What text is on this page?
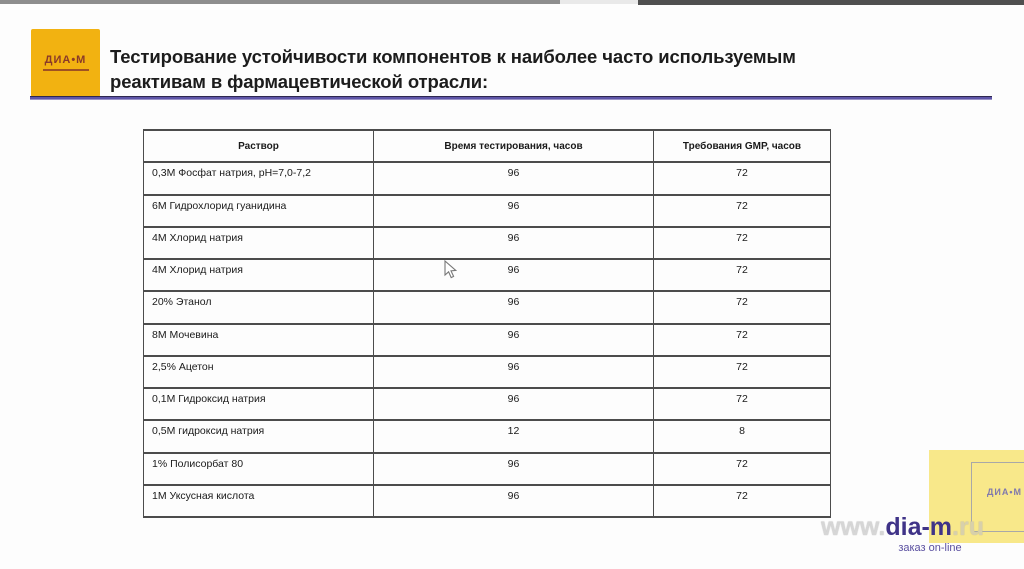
ДИА•М Тестирование устойчивости компонентов к наиболее часто используемым
реактивам в фармацевтической отрасли:
Раствор	Время тестирования, часов	Требования GMP, часов
0,3М Фосфат натрия, рН=7,0-7,2	96	72
6М Гидрохлорид гуанидина	96	72
4М Хлорид натрия	96	72
4М Хлорид натрия	96	72
20% Этанол	96	72
8М Мочевина	96	72
2,5% Ацетон	96	72
0,1М Гидроксид натрия	96	72
0,5М гидроксид натрия	12	8
1% Полисорбат 80	96	72
1М Уксусная кислота	96	72	ДИА•М
www.dia-m.ru
заказ on-line
